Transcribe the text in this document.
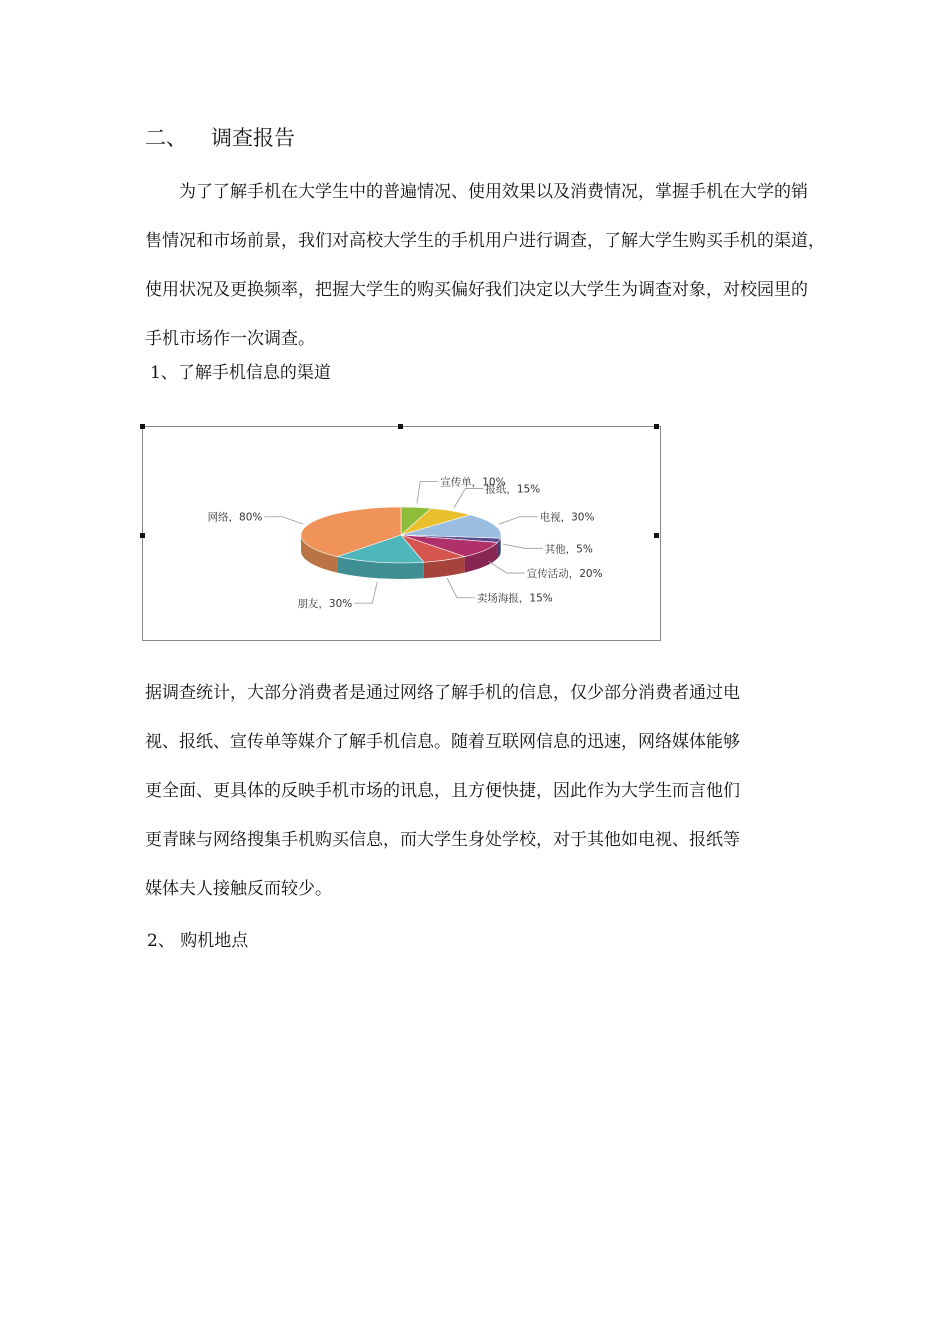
二、 调查报告

为了了解手机在大学生中的普遍情况、使用效果以及消费情况，掌握手机在大学的销

售情况和市场前景，我们对高校大学生的手机用户进行调查，了解大学生购买手机的渠道，

使用状况及更换频率，把握大学生的购买偏好我们决定以大学生为调查对象，对校园里的

手机市场作一次调查。

1、了解手机信息的渠道
宣传单，10%
报纸，15%
电视，30%
其他，5%
宣传活动，20%
卖场海报，15%
朋友，30%
网络，80%

据调查统计，大部分消费者是通过网络了解手机的信息，仅少部分消费者通过电

视、报纸、宣传单等媒介了解手机信息。随着互联网信息的迅速，网络媒体能够

更全面、更具体的反映手机市场的讯息，且方便快捷，因此作为大学生而言他们

更青睐与网络搜集手机购买信息，而大学生身处学校，对于其他如电视、报纸等

媒体夫人接触反而较少。

2、 购机地点
